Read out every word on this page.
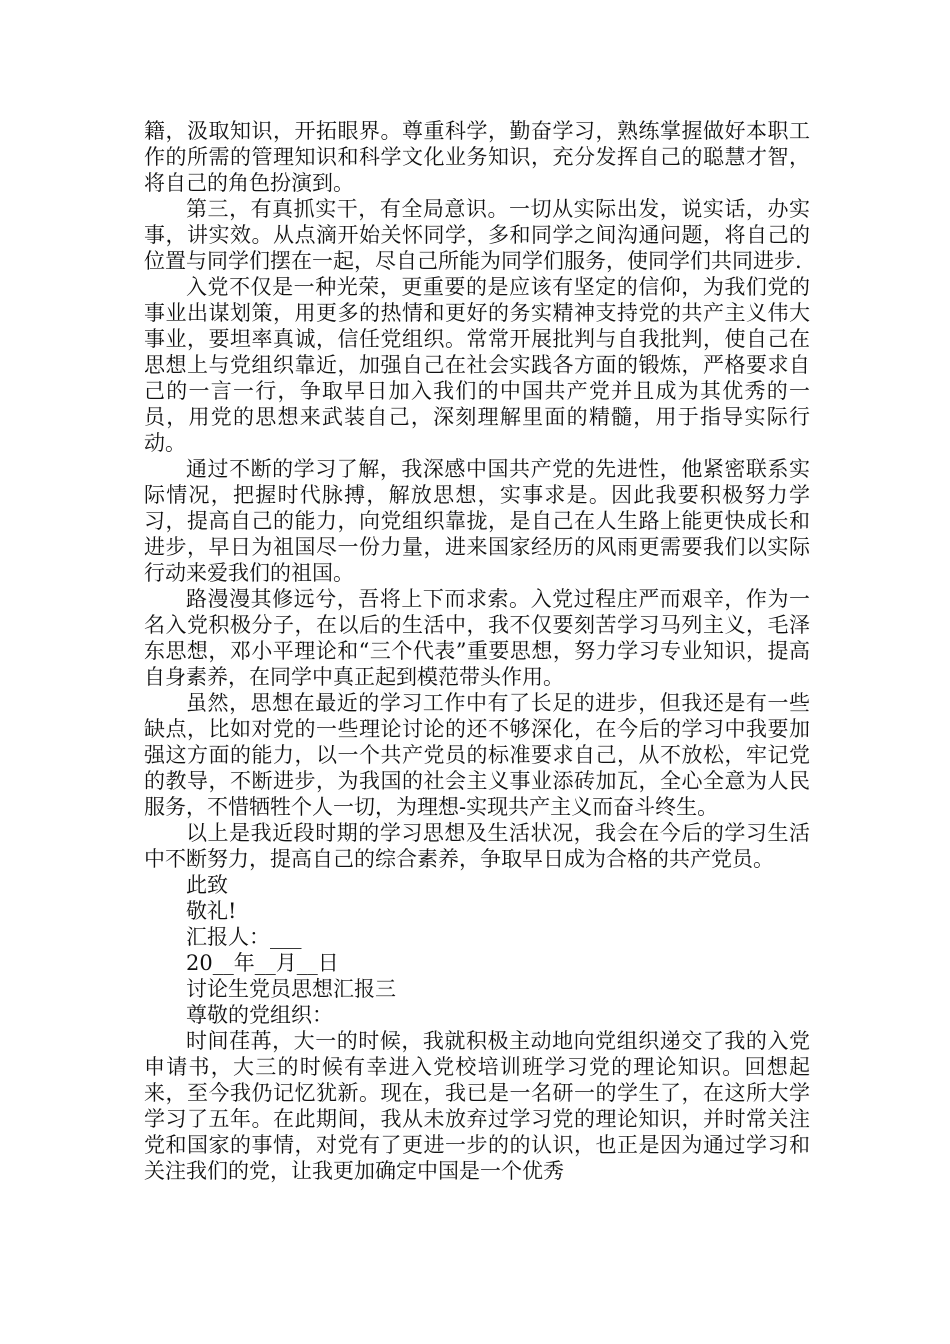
籍，汲取知识，开拓眼界。尊重科学，勤奋学习，熟练掌握做好本职工作的所需的管理知识和科学文化业务知识，充分发挥自己的聪慧才智，将自己的角色扮演到。

第三，有真抓实干，有全局意识。一切从实际出发，说实话，办实事，讲实效。从点滴开始关怀同学，多和同学之间沟通问题，将自己的位置与同学们摆在一起，尽自己所能为同学们服务，使同学们共同进步.

入党不仅是一种光荣，更重要的是应该有坚定的信仰，为我们党的事业出谋划策，用更多的热情和更好的务实精神支持党的共产主义伟大事业，要坦率真诚，信任党组织。常常开展批判与自我批判，使自己在思想上与党组织靠近，加强自己在社会实践各方面的锻炼，严格要求自己的一言一行，争取早日加入我们的中国共产党并且成为其优秀的一员，用党的思想来武装自己，深刻理解里面的精髓，用于指导实际行动。

通过不断的学习了解，我深感中国共产党的先进性，他紧密联系实际情况，把握时代脉搏，解放思想，实事求是。因此我要积极努力学习，提高自己的能力，向党组织靠拢，是自己在人生路上能更快成长和进步，早日为祖国尽一份力量，进来国家经历的风雨更需要我们以实际行动来爱我们的祖国。

路漫漫其修远兮，吾将上下而求索。入党过程庄严而艰辛，作为一名入党积极分子，在以后的生活中，我不仅要刻苦学习马列主义，毛泽东思想，邓小平理论和“三个代表”重要思想，努力学习专业知识，提高自身素养，在同学中真正起到模范带头作用。

虽然，思想在最近的学习工作中有了长足的进步，但我还是有一些缺点，比如对党的一些理论讨论的还不够深化，在今后的学习中我要加强这方面的能力，以一个共产党员的标准要求自己，从不放松，牢记党的教导，不断进步，为我国的社会主义事业添砖加瓦，全心全意为人民服务，不惜牺牲个人一切，为理想-实现共产主义而奋斗终生。

以上是我近段时期的学习思想及生活状况，我会在今后的学习生活中不断努力，提高自己的综合素养，争取早日成为合格的共产党员。

此致

敬礼!

汇报人：___

20__年__月__日

讨论生党员思想汇报三

尊敬的党组织：

时间荏苒，大一的时候，我就积极主动地向党组织递交了我的入党申请书，大三的时候有幸进入党校培训班学习党的理论知识。回想起来，至今我仍记忆犹新。现在，我已是一名研一的学生了，在这所大学学习了五年。在此期间，我从未放弃过学习党的理论知识，并时常关注党和国家的事情，对党有了更进一步的的认识，也正是因为通过学习和关注我们的党，让我更加确定中国是一个优秀
